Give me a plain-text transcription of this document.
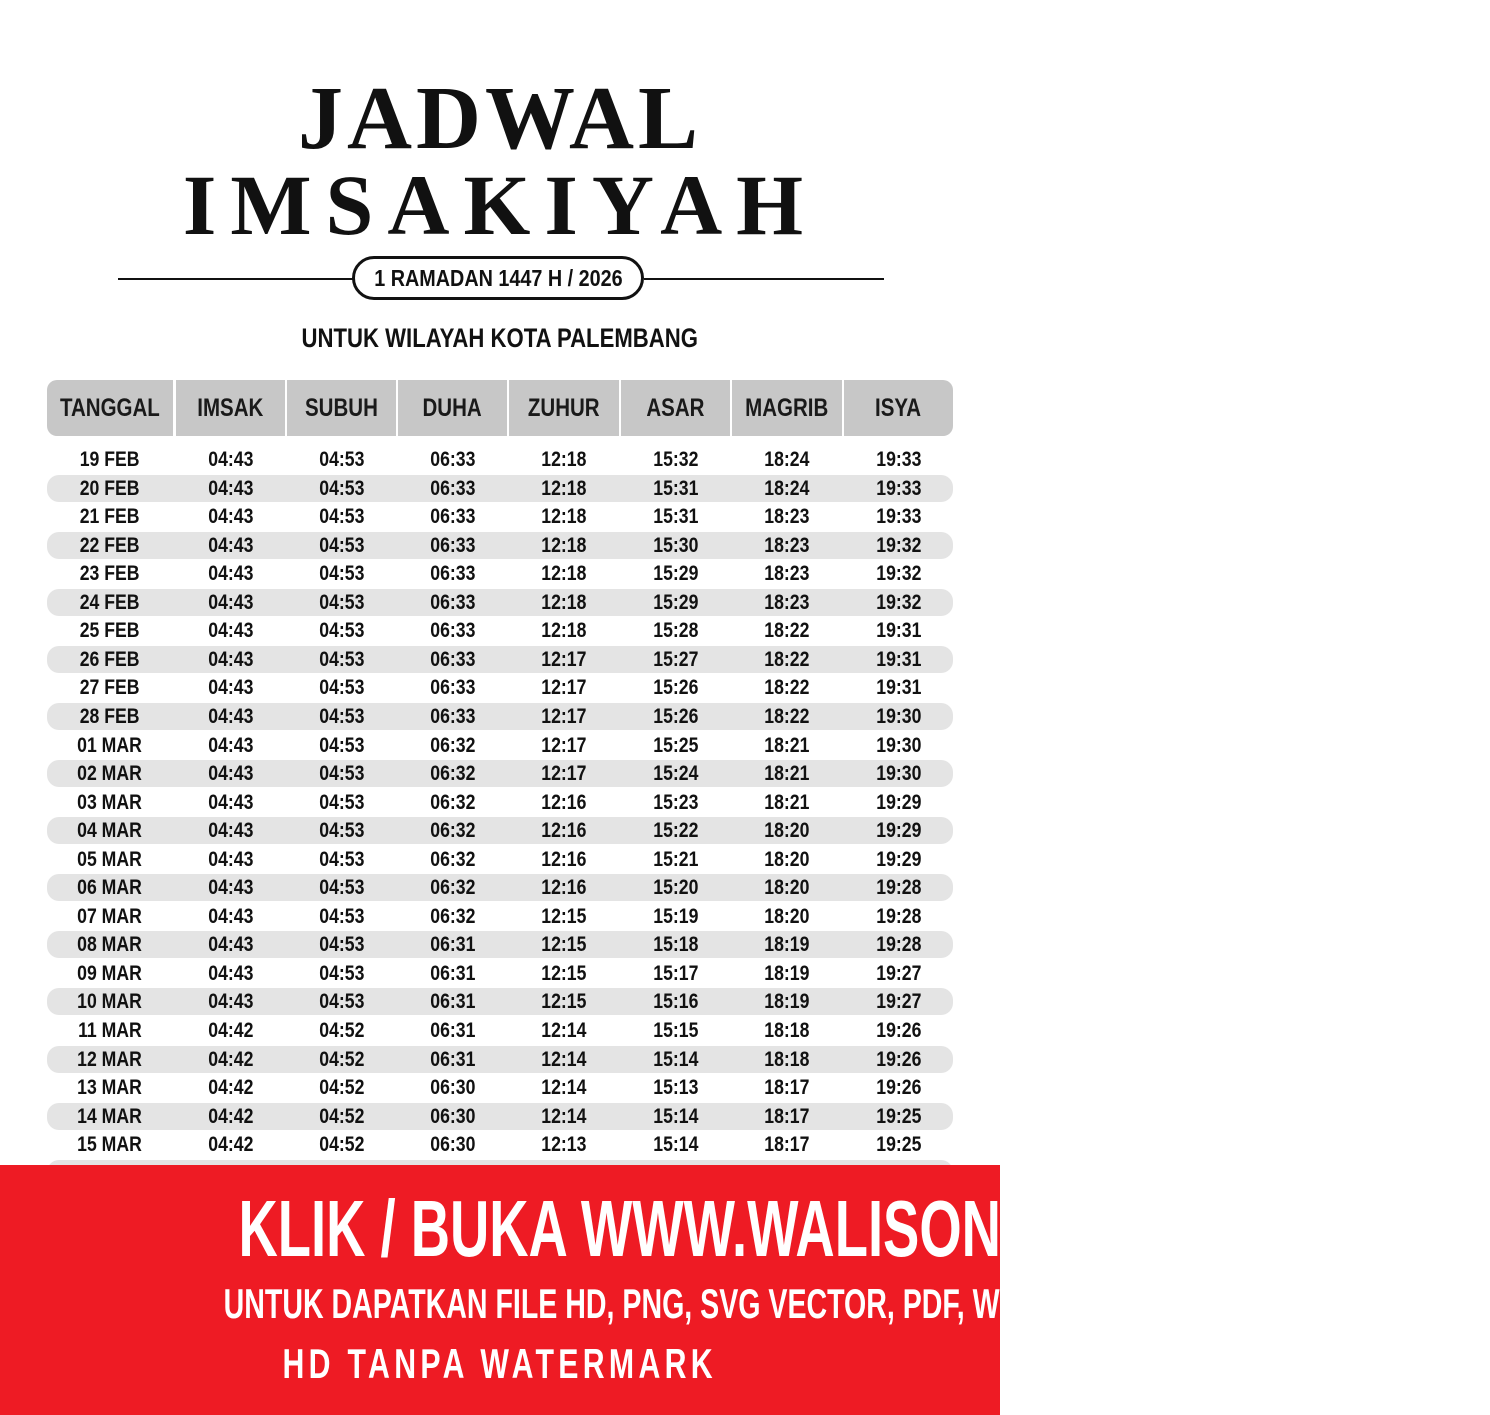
JADWAL
IMSAKIYAH
1 RAMADAN 1447 H / 2026
UNTUK WILAYAH KOTA PALEMBANG
TANGGAL IMSAK SUBUH DUHA ZUHUR ASAR MAGRIB ISYA
19 FEB	04:43	04:53	06:33	12:18	15:32	18:24	19:33
20 FEB	04:43	04:53	06:33	12:18	15:31	18:24	19:33
21 FEB	04:43	04:53	06:33	12:18	15:31	18:23	19:33
22 FEB	04:43	04:53	06:33	12:18	15:30	18:23	19:32
23 FEB	04:43	04:53	06:33	12:18	15:29	18:23	19:32
24 FEB	04:43	04:53	06:33	12:18	15:29	18:23	19:32
25 FEB	04:43	04:53	06:33	12:18	15:28	18:22	19:31
26 FEB	04:43	04:53	06:33	12:17	15:27	18:22	19:31
27 FEB	04:43	04:53	06:33	12:17	15:26	18:22	19:31
28 FEB	04:43	04:53	06:33	12:17	15:26	18:22	19:30
01 MAR	04:43	04:53	06:32	12:17	15:25	18:21	19:30
02 MAR	04:43	04:53	06:32	12:17	15:24	18:21	19:30
03 MAR	04:43	04:53	06:32	12:16	15:23	18:21	19:29
04 MAR	04:43	04:53	06:32	12:16	15:22	18:20	19:29
05 MAR	04:43	04:53	06:32	12:16	15:21	18:20	19:29
06 MAR	04:43	04:53	06:32	12:16	15:20	18:20	19:28
07 MAR	04:43	04:53	06:32	12:15	15:19	18:20	19:28
08 MAR	04:43	04:53	06:31	12:15	15:18	18:19	19:28
09 MAR	04:43	04:53	06:31	12:15	15:17	18:19	19:27
10 MAR	04:43	04:53	06:31	12:15	15:16	18:19	19:27
11 MAR	04:42	04:52	06:31	12:14	15:15	18:18	19:26
12 MAR	04:42	04:52	06:31	12:14	15:14	18:18	19:26
13 MAR	04:42	04:52	06:30	12:14	15:13	18:17	19:26
14 MAR	04:42	04:52	06:30	12:14	15:14	18:17	19:25
15 MAR	04:42	04:52	06:30	12:13	15:14	18:17	19:25
KLIK / BUKA WWW.WALISONGO.CO.ID
UNTUK DAPATKAN FILE HD, PNG, SVG VECTOR, PDF, WORD, EXCEL
HD TANPA WATERMARK
